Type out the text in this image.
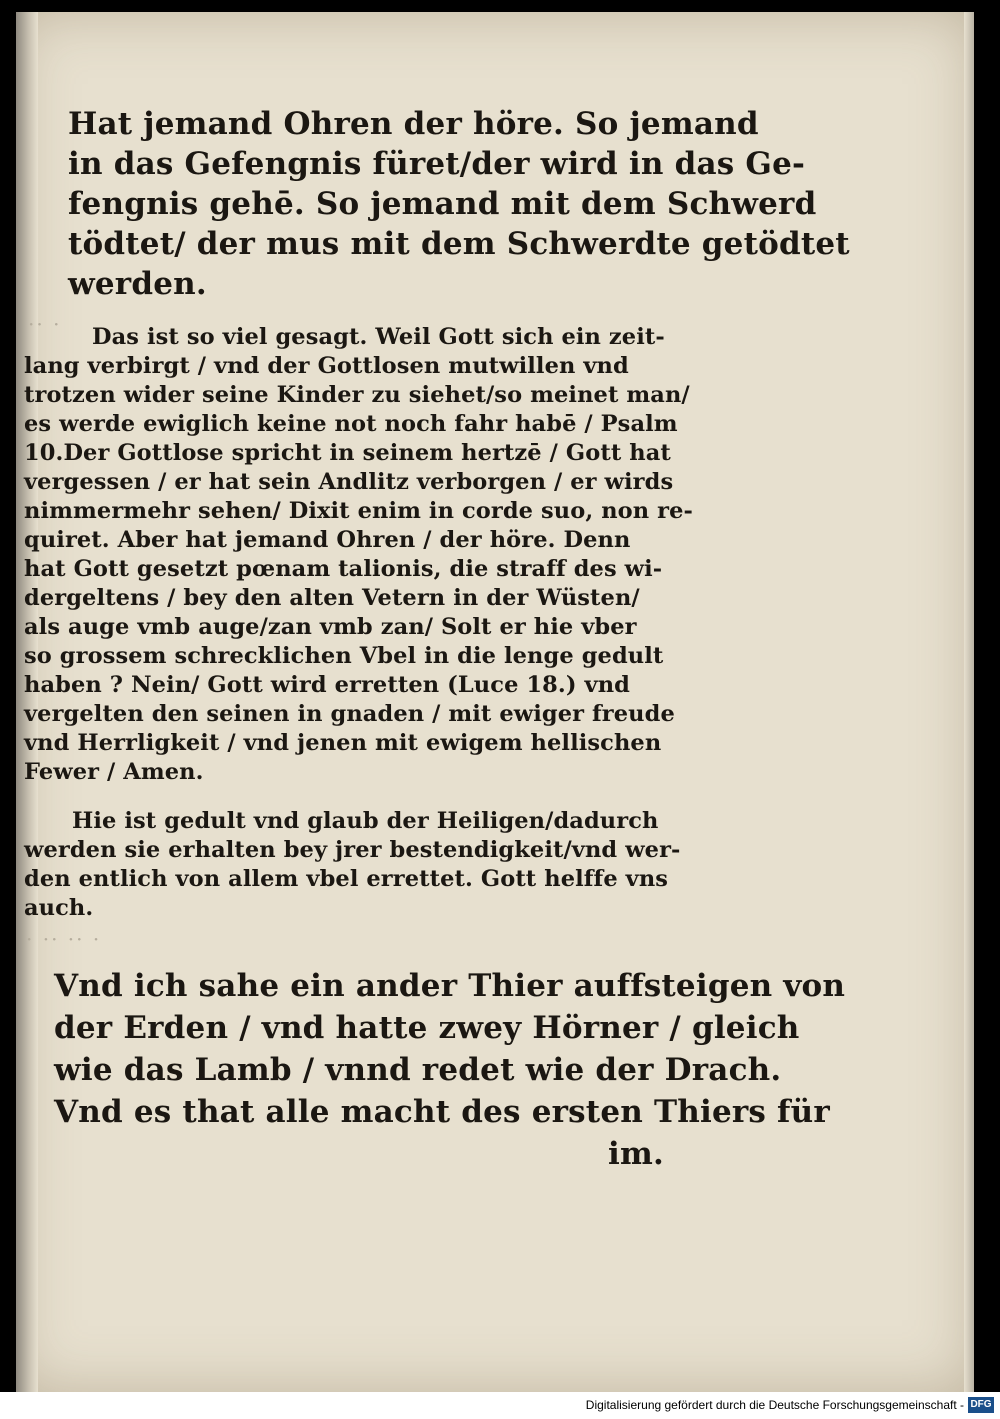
Hat jemand Ohren der höre. So jemand

in das Gefengnis füret/der wird in das Ge-

fengnis gehē. So jemand mit dem Schwerd

tödtet/ der mus mit dem Schwerdte getödtet

werden.

·· · Das ist so viel gesagt. Weil Gott sich ein zeit-

lang verbirgt / vnd der Gottlosen mutwillen vnd

trotzen wider seine Kinder zu siehet/so meinet man/

es werde ewiglich keine not noch fahr habē / Psalm

10.Der Gottlose spricht in seinem hertzē / Gott hat

vergessen / er hat sein Andlitz verborgen / er wirds

nimmermehr sehen/ Dixit enim in corde suo, non re-

quiret. Aber hat jemand Ohren / der höre. Denn

hat Gott gesetzt pœnam talionis, die straff des wi-

dergeltens / bey den alten Vetern in der Wüsten/

als auge vmb auge/zan vmb zan/ Solt er hie vber

so grossem schrecklichen Vbel in die lenge gedult

haben ? Nein/ Gott wird erretten (Luce 18.) vnd

vergelten den seinen in gnaden / mit ewiger freude

vnd Herrligkeit / vnd jenen mit ewigem hellischen

Fewer / Amen.

Hie ist gedult vnd glaub der Heiligen/dadurch

werden sie erhalten bey jrer bestendigkeit/vnd wer-

den entlich von allem vbel errettet. Gott helffe vns

auch.

· ·· ·· ·

Vnd ich sahe ein ander Thier auffsteigen von

der Erden / vnd hatte zwey Hörner / gleich

wie das Lamb / vnnd redet wie der Drach.

Vnd es that alle macht des ersten Thiers für

im.

Digitalisierung gefördert durch die Deutsche Forschungsgemeinschaft - DFG
